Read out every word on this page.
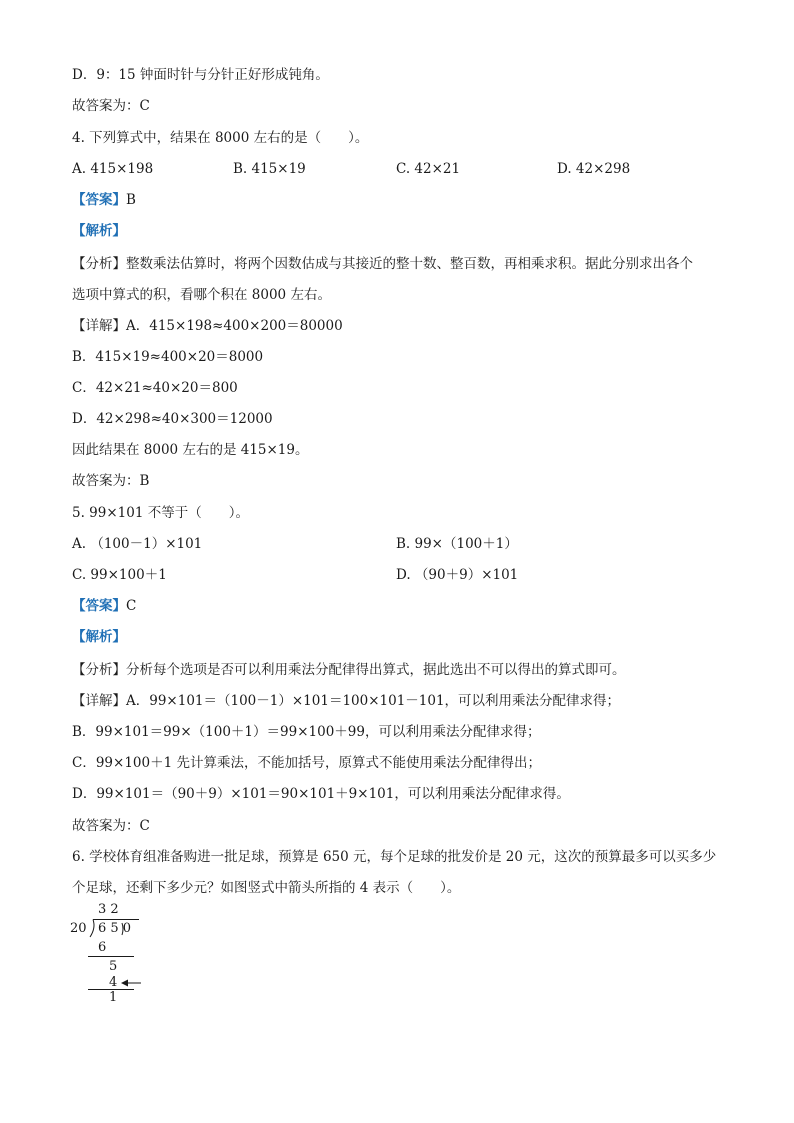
D．9：15 钟面时针与分针正好形成钝角。
故答案为：C
4. 下列算式中，结果在 8000 左右的是（　　）。
A. 415×198	B. 415×19	C. 42×21	D. 42×298
【答案】B
【解析】
【分析】整数乘法估算时，将两个因数估成与其接近的整十数、整百数，再相乘求积。据此分别求出各个
选项中算式的积，看哪个积在 8000 左右。
【详解】A．415×198≈400×200＝80000
B．415×19≈400×20＝8000
C．42×21≈40×20＝800
D．42×298≈40×300＝12000
因此结果在 8000 左右的是 415×19。
故答案为：B
5. 99×101 不等于（　　）。
A. （100－1）×101	B. 99×（100＋1）
C. 99×100＋1	D. （90＋9）×101
【答案】C
【解析】
【分析】分析每个选项是否可以利用乘法分配律得出算式，据此选出不可以得出的算式即可。
【详解】A．99×101＝（100－1）×101＝100×101－101，可以利用乘法分配律求得；
B．99×101＝99×（100＋1）＝99×100＋99，可以利用乘法分配律求得；
C．99×100＋1 先计算乘法，不能加括号，原算式不能使用乘法分配律得出；
D．99×101＝（90＋9）×101＝90×101＋9×101，可以利用乘法分配律求得。
故答案为：C
6. 学校体育组准备购进一批足球，预算是 650 元，每个足球的批发价是 20 元，这次的预算最多可以买多少
个足球，还剩下多少元？如图竖式中箭头所指的 4 表示（　　）。
3 2
20 6 5 0
6
5
4
1
